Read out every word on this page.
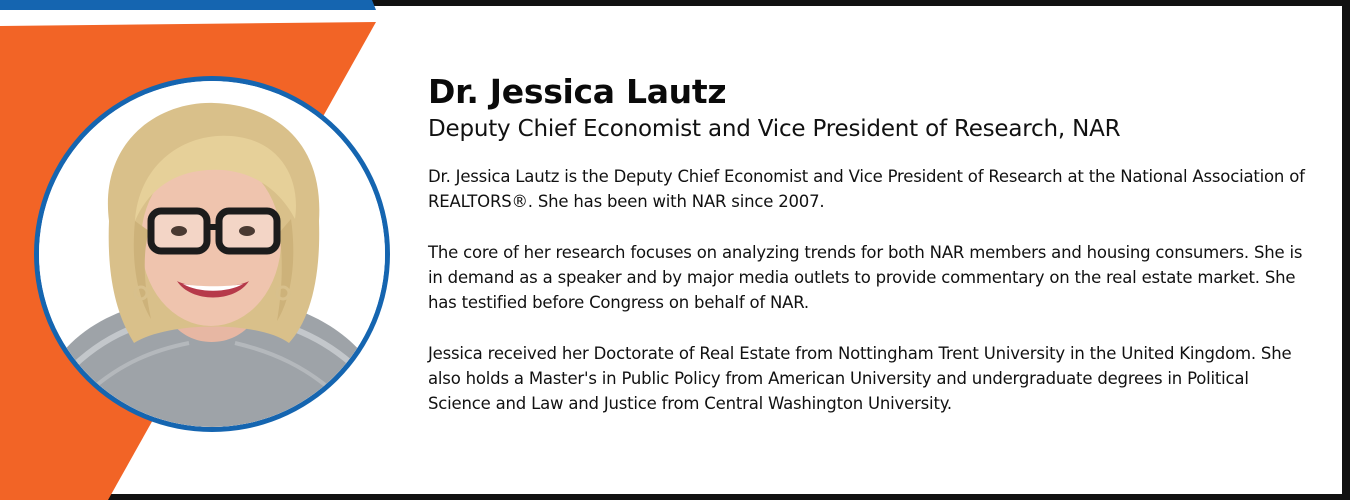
Dr. Jessica Lautz
Deputy Chief Economist and Vice President of Research, NAR

Dr. Jessica Lautz is the Deputy Chief Economist and Vice President of Research at the National Association of REALTORS®. She has been with NAR since 2007.

The core of her research focuses on analyzing trends for both NAR members and housing consumers. She is in demand as a speaker and by major media outlets to provide commentary on the real estate market. She has testified before Congress on behalf of NAR.

Jessica received her Doctorate of Real Estate from Nottingham Trent University in the United Kingdom. She also holds a Master's in Public Policy from American University and undergraduate degrees in Political Science and Law and Justice from Central Washington University.
